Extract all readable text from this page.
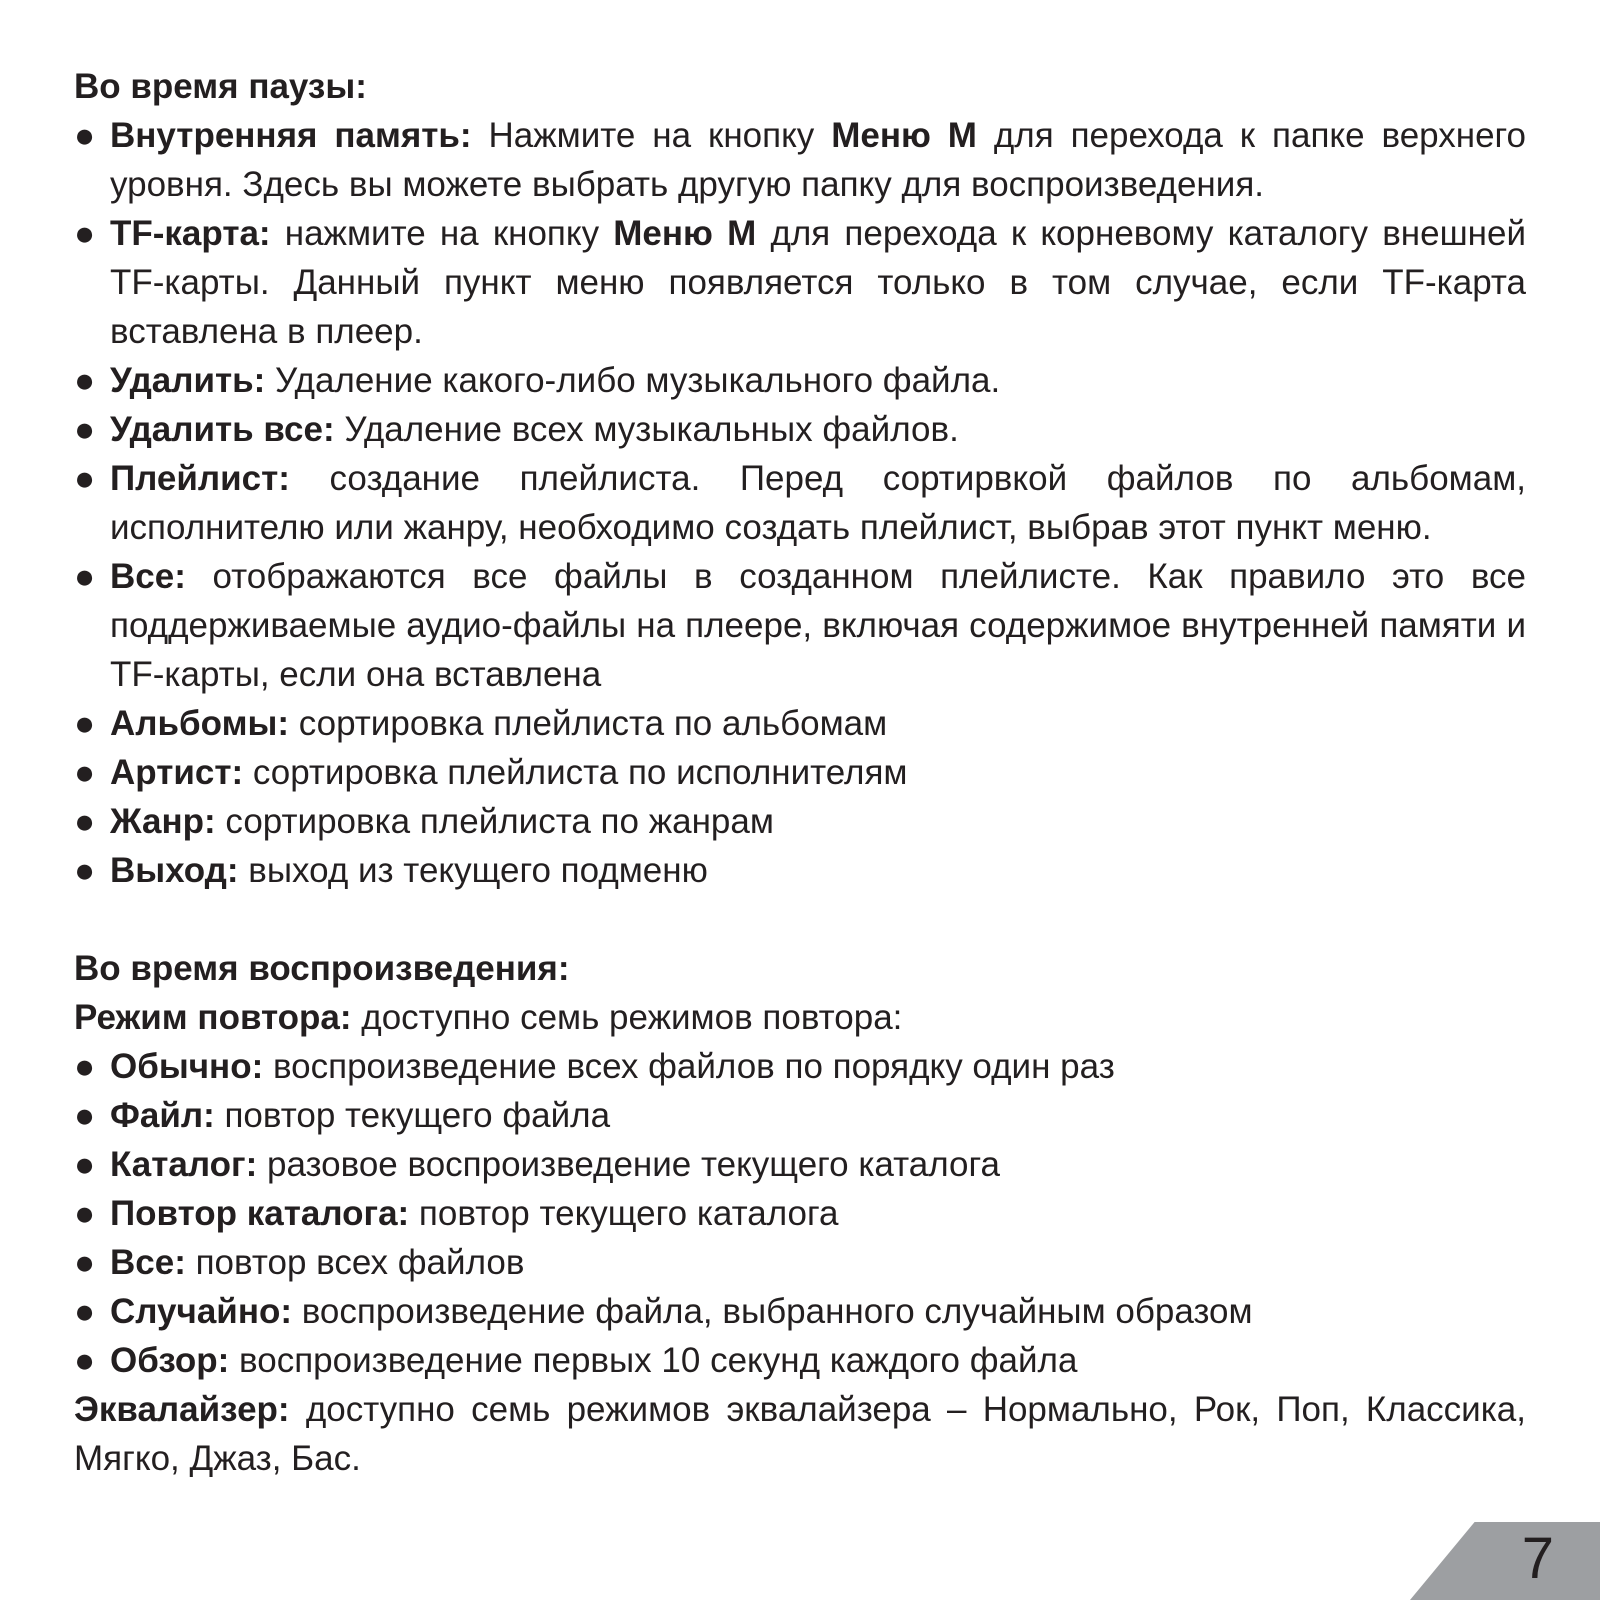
Во время паузы:

● Внутренняя память: Нажмите на кнопку Меню M для перехода к папке верхнего уровня. Здесь вы можете выбрать другую папку для воспроизведения.
● TF-карта: нажмите на кнопку Меню M для перехода к корневому каталогу внешней TF-карты. Данный пункт меню появляется только в том случае, если TF-карта вставлена в плеер.
● Удалить: Удаление какого-либо музыкального файла.
● Удалить все: Удаление всех музыкальных файлов.
● Плейлист: создание плейлиста. Перед сортирвкой файлов по альбомам, исполнителю или жанру, необходимо создать плейлист, выбрав этот пункт меню.
● Все: отображаются все файлы в созданном плейлисте. Как правило это все поддерживаемые аудио-файлы на плеере, включая содержимое внутренней памяти и TF-карты, если она вставлена
● Альбомы: сортировка плейлиста по альбомам
● Артист: сортировка плейлиста по исполнителям
● Жанр: сортировка плейлиста по жанрам
● Выход: выход из текущего подменю

Во время воспроизведения:

Режим повтора: доступно семь режимов повтора:

● Обычно: воспроизведение всех файлов по порядку один раз
● Файл: повтор текущего файла
● Каталог: разовое воспроизведение текущего каталога
● Повтор каталога: повтор текущего каталога
● Все: повтор всех файлов
● Случайно: воспроизведение файла, выбранного случайным образом
● Обзор: воспроизведение первых 10 секунд каждого файла

Эквалайзер: доступно семь режимов эквалайзера – Нормально, Рок, Поп, Классика, Мягко, Джаз, Бас.

7
